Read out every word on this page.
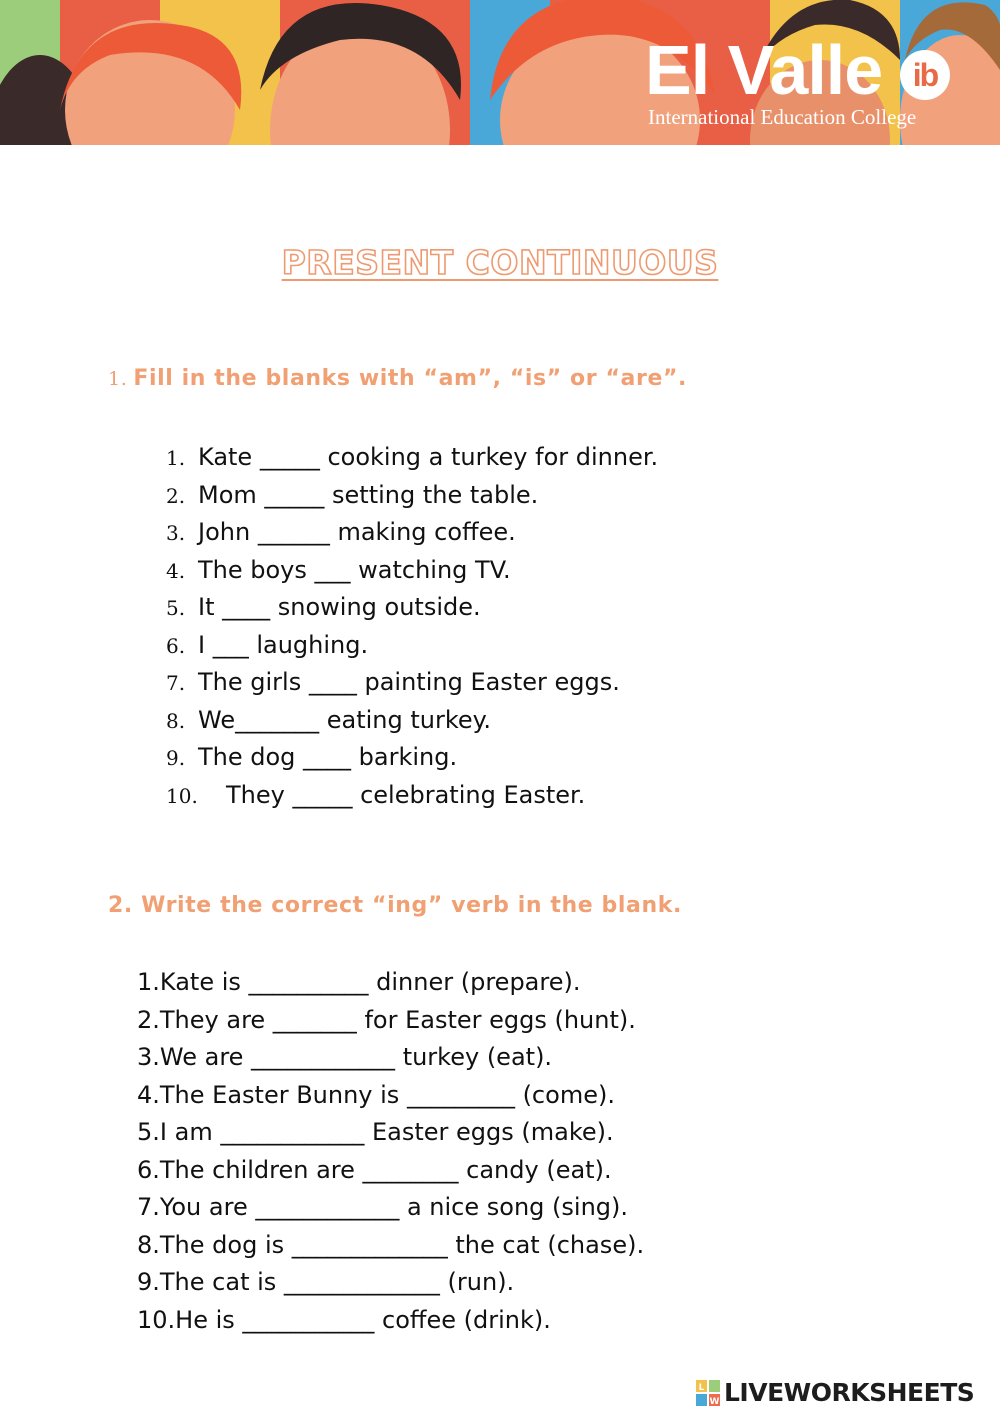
El Valle ib
International Education College
PRESENT CONTINUOUS
1. Fill in the blanks with “am”, “is” or “are”.
1. Kate _____ cooking a turkey for dinner.
2. Mom _____ setting the table.
3. John ______ making coffee.
4. The boys ___ watching TV.
5. It ____ snowing outside.
6. I ___ laughing.
7. The girls ____ painting Easter eggs.
8. We_______ eating turkey.
9. The dog ____ barking.
10. They _____ celebrating Easter.
2. Write the correct “ing” verb in the blank.
1.Kate is __________ dinner (prepare).
2.They are _______ for Easter eggs (hunt).
3.We are ____________ turkey (eat).
4.The Easter Bunny is _________ (come).
5.I am ____________ Easter eggs (make).
6.The children are ________ candy (eat).
7.You are ____________ a nice song (sing).
8.The dog is _____________ the cat (chase).
9.The cat is _____________ (run).
10.He is ___________ coffee (drink).
L
W LIVEWORKSHEETS
